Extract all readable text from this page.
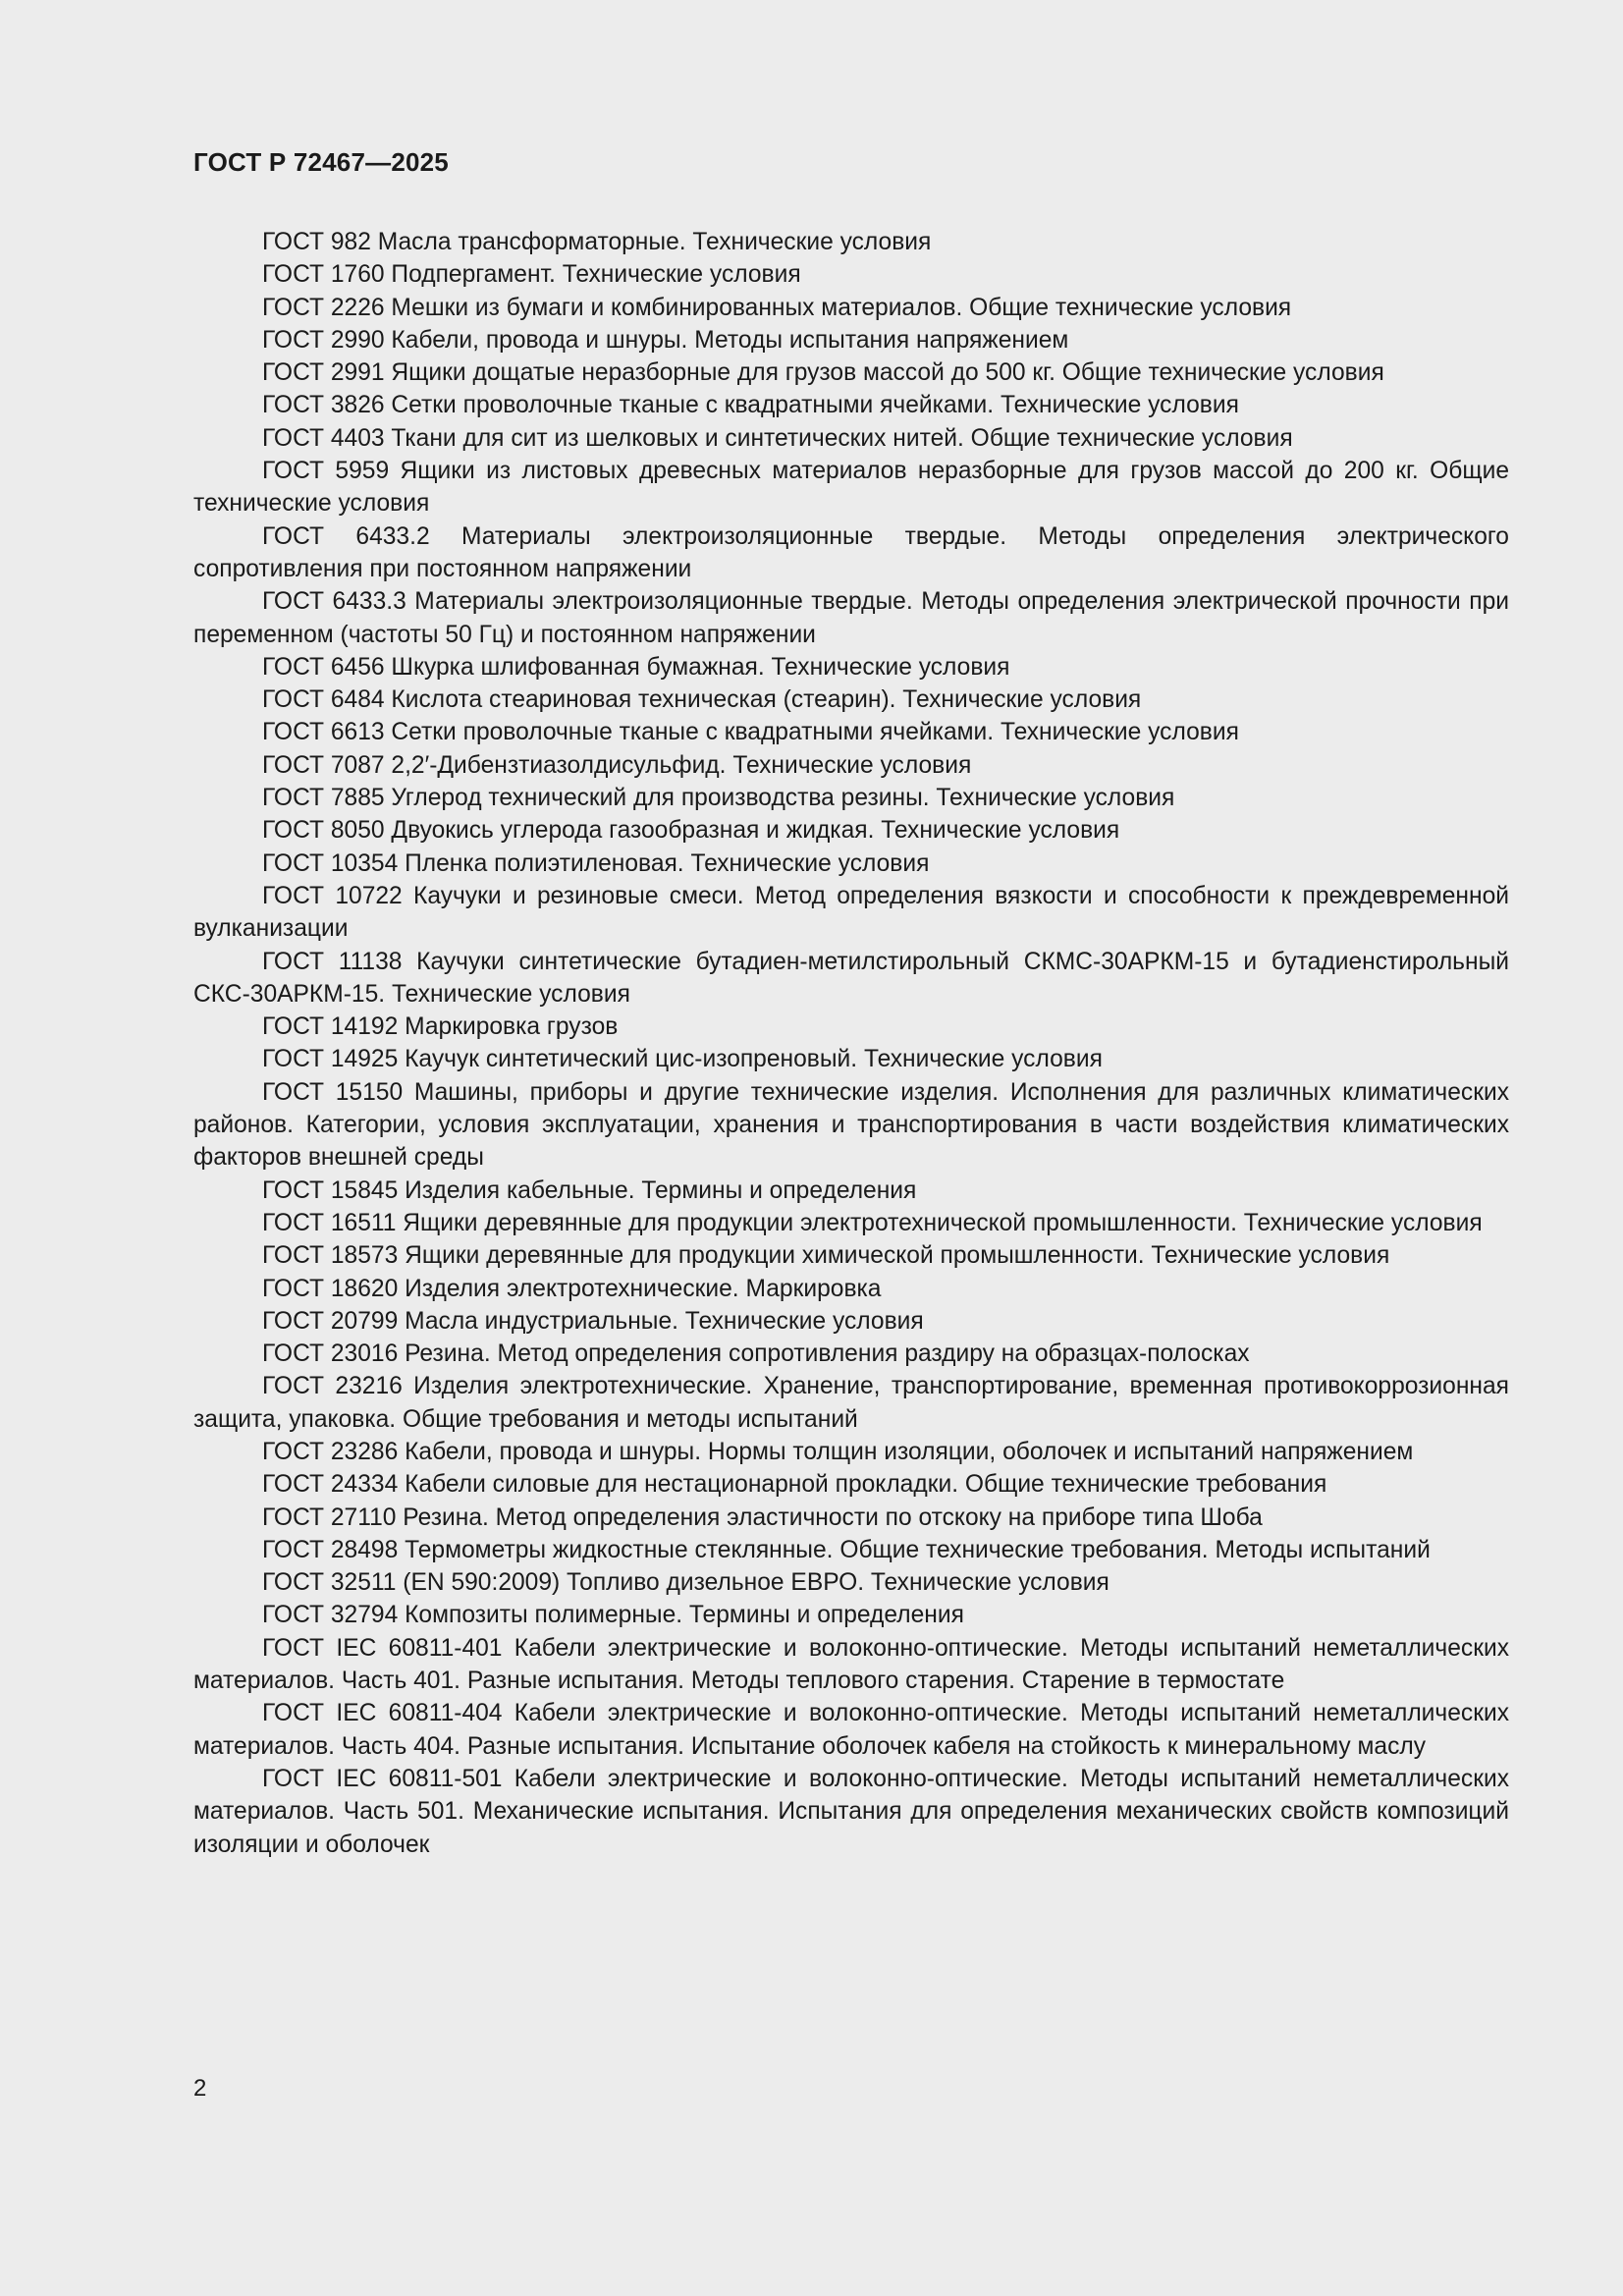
ГОСТ Р 72467—2025

ГОСТ 982 Масла трансформаторные. Технические условия

ГОСТ 1760 Подпергамент. Технические условия

ГОСТ 2226 Мешки из бумаги и комбинированных материалов. Общие технические условия

ГОСТ 2990 Кабели, провода и шнуры. Методы испытания напряжением

ГОСТ 2991 Ящики дощатые неразборные для грузов массой до 500 кг. Общие технические условия

ГОСТ 3826 Сетки проволочные тканые с квадратными ячейками. Технические условия

ГОСТ 4403 Ткани для сит из шелковых и синтетических нитей. Общие технические условия

ГОСТ 5959 Ящики из листовых древесных материалов неразборные для грузов массой до 200 кг. Общие технические условия

ГОСТ 6433.2 Материалы электроизоляционные твердые. Методы определения электрического сопротивления при постоянном напряжении

ГОСТ 6433.3 Материалы электроизоляционные твердые. Методы определения электрической прочности при переменном (частоты 50 Гц) и постоянном напряжении

ГОСТ 6456 Шкурка шлифованная бумажная. Технические условия

ГОСТ 6484 Кислота стеариновая техническая (стеарин). Технические условия

ГОСТ 6613 Сетки проволочные тканые с квадратными ячейками. Технические условия

ГОСТ 7087 2,2′-Дибензтиазолдисульфид. Технические условия

ГОСТ 7885 Углерод технический для производства резины. Технические условия

ГОСТ 8050 Двуокись углерода газообразная и жидкая. Технические условия

ГОСТ 10354 Пленка полиэтиленовая. Технические условия

ГОСТ 10722 Каучуки и резиновые смеси. Метод определения вязкости и способности к преждевременной вулканизации

ГОСТ 11138 Каучуки синтетические бутадиен-метилстирольный СКМС-30АРКМ-15 и бутадиенстирольный СКС-30АРКМ-15. Технические условия

ГОСТ 14192 Маркировка грузов

ГОСТ 14925 Каучук синтетический цис-изопреновый. Технические условия

ГОСТ 15150 Машины, приборы и другие технические изделия. Исполнения для различных климатических районов. Категории, условия эксплуатации, хранения и транспортирования в части воздействия климатических факторов внешней среды

ГОСТ 15845 Изделия кабельные. Термины и определения

ГОСТ 16511 Ящики деревянные для продукции электротехнической промышленности. Технические условия

ГОСТ 18573 Ящики деревянные для продукции химической промышленности. Технические условия

ГОСТ 18620 Изделия электротехнические. Маркировка

ГОСТ 20799 Масла индустриальные. Технические условия

ГОСТ 23016 Резина. Метод определения сопротивления раздиру на образцах-полосках

ГОСТ 23216 Изделия электротехнические. Хранение, транспортирование, временная противокоррозионная защита, упаковка. Общие требования и методы испытаний

ГОСТ 23286 Кабели, провода и шнуры. Нормы толщин изоляции, оболочек и испытаний напряжением

ГОСТ 24334 Кабели силовые для нестационарной прокладки. Общие технические требования

ГОСТ 27110 Резина. Метод определения эластичности по отскоку на приборе типа Шоба

ГОСТ 28498 Термометры жидкостные стеклянные. Общие технические требования. Методы испытаний

ГОСТ 32511 (EN 590:2009) Топливо дизельное ЕВРО. Технические условия

ГОСТ 32794 Композиты полимерные. Термины и определения

ГОСТ IEC 60811-401 Кабели электрические и волоконно-оптические. Методы испытаний неметаллических материалов. Часть 401. Разные испытания. Методы теплового старения. Старение в термостате

ГОСТ IEC 60811-404 Кабели электрические и волоконно-оптические. Методы испытаний неметаллических материалов. Часть 404. Разные испытания. Испытание оболочек кабеля на стойкость к минеральному маслу

ГОСТ IEC 60811-501 Кабели электрические и волоконно-оптические. Методы испытаний неметаллических материалов. Часть 501. Механические испытания. Испытания для определения механических свойств композиций изоляции и оболочек

2
